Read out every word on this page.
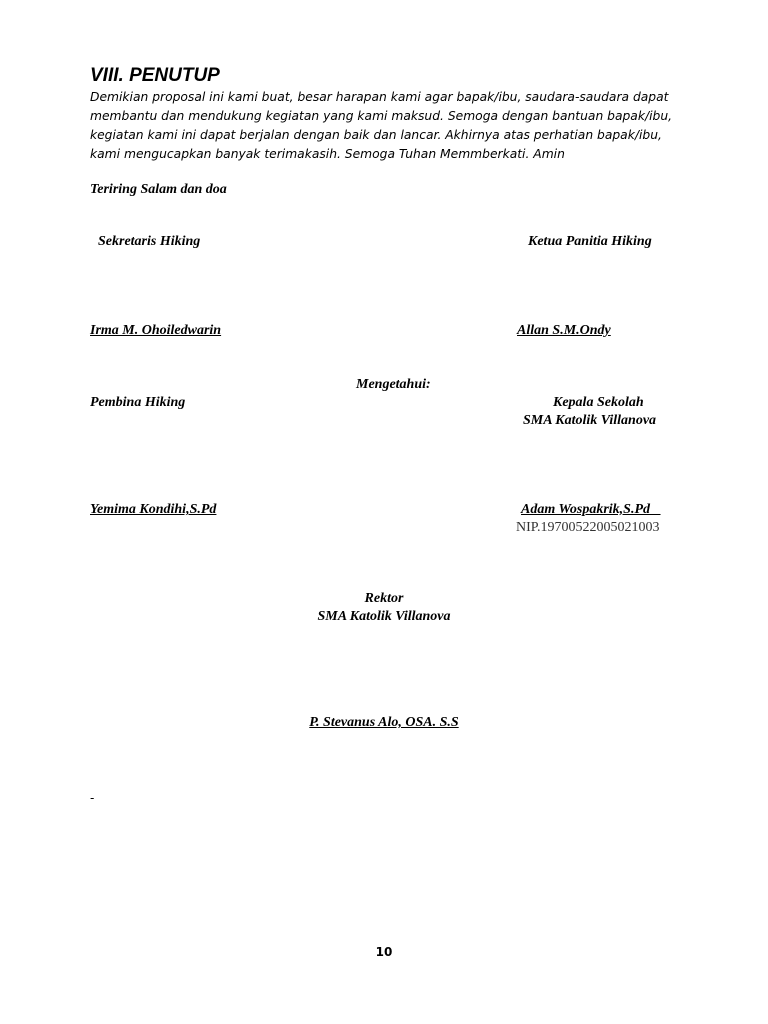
VIII. PENUTUP
Demikian proposal ini kami buat, besar harapan kami agar bapak/ibu, saudara-saudara dapat
membantu dan mendukung kegiatan yang kami maksud. Semoga dengan bantuan bapak/ibu,
kegiatan kami ini dapat berjalan dengan baik dan lancar. Akhirnya atas perhatian bapak/ibu,
kami mengucapkan banyak terimakasih. Semoga Tuhan Memmberkati. Amin
Teriring Salam dan doa
Sekretaris Hiking	Ketua Panitia Hiking
Irma M. Ohoiledwarin	Allan S.M.Ondy
Mengetahui:
Pembina Hiking	Kepala Sekolah
SMA Katolik Villanova
Yemima Kondihi,S.Pd	Adam Wospakrik,S.Pd
NIP.19700522005021003
Rektor
SMA Katolik Villanova
P. Stevanus Alo, OSA. S.S
-
10
